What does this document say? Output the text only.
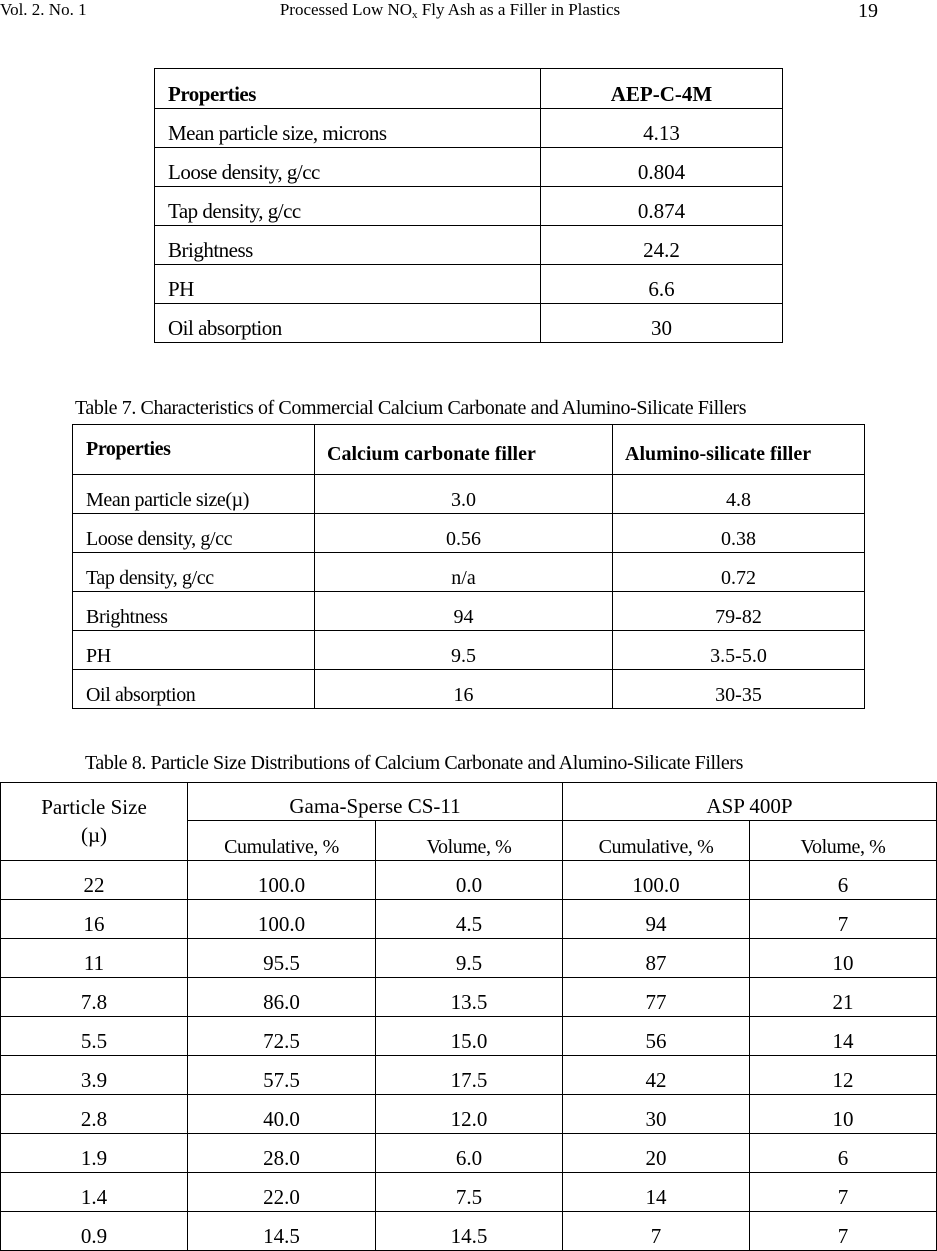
Vol. 2. No. 1	Processed Low $NO_x$ Fly Ash as a Filler in Plastics	19
Properties	AEP-C-4M
Mean particle size, microns	4.13
Loose density, g/cc	0.804
Tap density, g/cc	0.874
Brightness	24.2
PH	6.6
Oil absorption	30
Table 7. Characteristics of Commercial Calcium Carbonate and Alumino-Silicate Fillers
Properties	Calcium carbonate filler	Alumino-silicate filler
Mean particle size(µ)	3.0	4.8
Loose density, g/cc	0.56	0.38
Tap density, g/cc	n/a	0.72
Brightness	94	79-82
PH	9.5	3.5-5.0
Oil absorption	16	30-35
Table 8. Particle Size Distributions of Calcium Carbonate and Alumino-Silicate Fillers
Particle Size
(µ)	Gama-Sperse CS-11		ASP 400P	
	Cumulative, %	Volume, %	Cumulative, %	Volume, %
22	100.0	0.0	100.0	6
16	100.0	4.5	94	7
11	95.5	9.5	87	10
7.8	86.0	13.5	77	21
5.5	72.5	15.0	56	14
3.9	57.5	17.5	42	12
2.8	40.0	12.0	30	10
1.9	28.0	6.0	20	6
1.4	22.0	7.5	14	7
0.9	14.5	14.5	7	7
